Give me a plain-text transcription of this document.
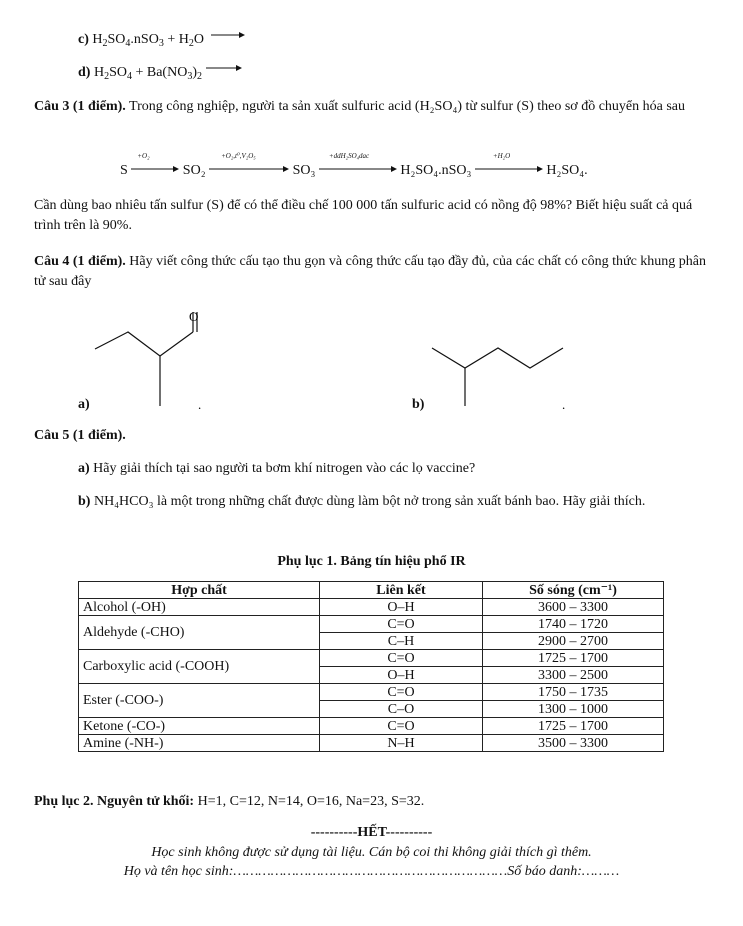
c) $H_2SO_4.nSO_3 + H_2O$
d) $H_2SO_4 + Ba(NO_3)_2$
Câu 3 (1 điểm). Trong công nghiệp, người ta sản xuất sulfuric acid (H₂SO₄) từ sulfur (S) theo sơ đồ chuyển hóa sau
S
+O₂
SO₂
+O₂,t⁰,V₂O₅
SO₃
+ddH₂SO₄dac
H₂SO₄.nSO₃
+H₂O
H₂SO₄.
Cần dùng bao nhiêu tấn sulfur (S) để có thể điều chế 100 000 tấn sulfuric acid có nồng độ 98%? Biết hiệu suất cả quá trình trên là 90%.
Câu 4 (1 điểm). Hãy viết công thức cấu tạo thu gọn và công thức cấu tạo đầy đủ, của các chất có công thức khung phân tử sau đây
O
.	.
a)	b)
Câu 5 (1 điểm).
a) Hãy giải thích tại sao người ta bơm khí nitrogen vào các lọ vaccine?
b) NH₄HCO₃ là một trong những chất được dùng làm bột nở trong sản xuất bánh bao. Hãy giải thích.
Phụ lục 1. Bảng tín hiệu phổ IR
Hợp chất	Liên kết	Số sóng (cm⁻¹)
Alcohol (-OH)	O–H	3600 – 3300
Aldehyde (-CHO)	C=O	1740 – 1720
	C–H	2900 – 2700
Carboxylic acid (-COOH)	C=O	1725 – 1700
	O–H	3300 – 2500
Ester (-COO-)	C=O	1750 – 1735
	C–O	1300 – 1000
Ketone (-CO-)	C=O	1725 – 1700
Amine (-NH-)	N–H	3500 – 3300
Phụ lục 2. Nguyên tử khối: H=1, C=12, N=14, O=16, Na=23, S=32.
----------HẾT----------
Học sinh không được sử dụng tài liệu. Cán bộ coi thi không giải thích gì thêm.
Họ và tên học sinh:…………………………………………………………Số báo danh:………
